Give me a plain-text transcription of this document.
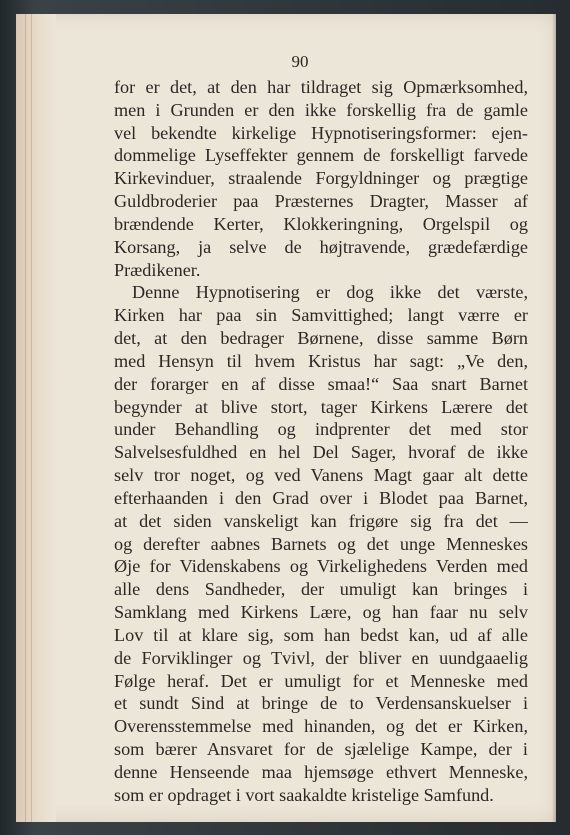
90
for er det, at den har tildraget sig Opmærksomhed,
men i Grunden er den ikke forskellig fra de gamle
vel bekendte kirkelige Hypnotiseringsformer: ejen-
dommelige Lyseffekter gennem de forskelligt farvede
Kirkevinduer, straalende Forgyldninger og prægtige
Guldbroderier paa Præsternes Dragter, Masser af
brændende Kerter, Klokkeringning, Orgelspil og
Korsang, ja selve de højtravende, grædefærdige
Prædikener.
Denne Hypnotisering er dog ikke det værste,
Kirken har paa sin Samvittighed; langt værre er
det, at den bedrager Børnene, disse samme Børn
med Hensyn til hvem Kristus har sagt: „Ve den,
der forarger en af disse smaa!“ Saa snart Barnet
begynder at blive stort, tager Kirkens Lærere det
under Behandling og indprenter det med stor
Salvelsesfuldhed en hel Del Sager, hvoraf de ikke
selv tror noget, og ved Vanens Magt gaar alt dette
efterhaanden i den Grad over i Blodet paa Barnet,
at det siden vanskeligt kan frigøre sig fra det —
og derefter aabnes Barnets og det unge Menneskes
Øje for Videnskabens og Virkelighedens Verden med
alle dens Sandheder, der umuligt kan bringes i
Samklang med Kirkens Lære, og han faar nu selv
Lov til at klare sig, som han bedst kan, ud af alle
de Forviklinger og Tvivl, der bliver en uundgaaelig
Følge heraf. Det er umuligt for et Menneske med
et sundt Sind at bringe de to Verdensanskuelser i
Overensstemmelse med hinanden, og det er Kirken,
som bærer Ansvaret for de sjælelige Kampe, der i
denne Henseende maa hjemsøge ethvert Menneske,
som er opdraget i vort saakaldte kristelige Samfund.
